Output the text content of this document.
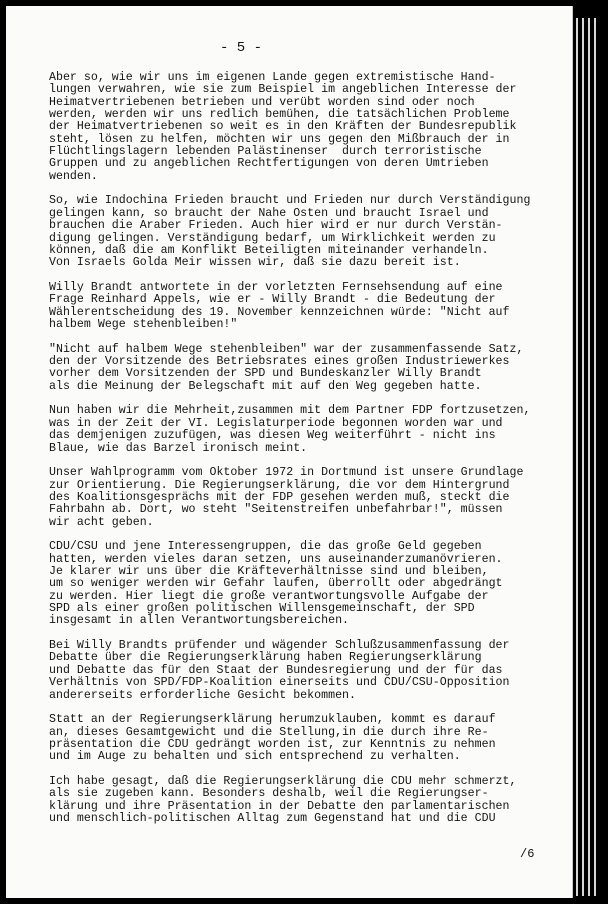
- 5 -
Aber so, wie wir uns im eigenen Lande gegen extremistische Hand-
lungen verwahren, wie sie zum Beispiel im angeblichen Interesse der
Heimatvertriebenen betrieben und verübt worden sind oder noch
werden, werden wir uns redlich bemühen, die tatsächlichen Probleme
der Heimatvertriebenen so weit es in den Kräften der Bundesrepublik
steht, lösen zu helfen, möchten wir uns gegen den Mißbrauch der in
Flüchtlingslagern lebenden Palästinenser  durch terroristische
Gruppen und zu angeblichen Rechtfertigungen von deren Umtrieben
wenden.
So, wie Indochina Frieden braucht und Frieden nur durch Verständigung
gelingen kann, so braucht der Nahe Osten und braucht Israel und
brauchen die Araber Frieden. Auch hier wird er nur durch Verstän-
digung gelingen. Verständigung bedarf, um Wirklichkeit werden zu
können, daß die am Konflikt Beteiligten miteinander verhandeln.
Von Israels Golda Meir wissen wir, daß sie dazu bereit ist.
Willy Brandt antwortete in der vorletzten Fernsehsendung auf eine
Frage Reinhard Appels, wie er - Willy Brandt - die Bedeutung der
Wählerentscheidung des 19. November kennzeichnen würde: "Nicht auf
halbem Wege stehenbleiben!"
"Nicht auf halbem Wege stehenbleiben" war der zusammenfassende Satz,
den der Vorsitzende des Betriebsrates eines großen Industriewerkes
vorher dem Vorsitzenden der SPD und Bundeskanzler Willy Brandt
als die Meinung der Belegschaft mit auf den Weg gegeben hatte.
Nun haben wir die Mehrheit,zusammen mit dem Partner FDP fortzusetzen,
was in der Zeit der VI. Legislaturperiode begonnen worden war und
das demjenigen zuzufügen, was diesen Weg weiterführt - nicht ins
Blaue, wie das Barzel ironisch meint.
Unser Wahlprogramm vom Oktober 1972 in Dortmund ist unsere Grundlage
zur Orientierung. Die Regierungserklärung, die vor dem Hintergrund
des Koalitionsgesprächs mit der FDP gesehen werden muß, steckt die
Fahrbahn ab. Dort, wo steht "Seitenstreifen unbefahrbar!", müssen
wir acht geben.
CDU/CSU und jene Interessengruppen, die das große Geld gegeben
hatten, werden vieles daran setzen, uns auseinanderzumanövrieren.
Je klarer wir uns über die Kräfteverhältnisse sind und bleiben,
um so weniger werden wir Gefahr laufen, überrollt oder abgedrängt
zu werden. Hier liegt die große verantwortungsvolle Aufgabe der
SPD als einer großen politischen Willensgemeinschaft, der SPD
insgesamt in allen Verantwortungsbereichen.
Bei Willy Brandts prüfender und wägender Schlußzusammenfassung der
Debatte über die Regierungserklärung haben Regierungserklärung
und Debatte das für den Staat der Bundesregierung und der für das
Verhältnis von SPD/FDP-Koalition einerseits und CDU/CSU-Opposition
andererseits erforderliche Gesicht bekommen.
Statt an der Regierungserklärung herumzuklauben, kommt es darauf
an, dieses Gesamtgewicht und die Stellung,in die durch ihre Re-
präsentation die CDU gedrängt worden ist, zur Kenntnis zu nehmen
und im Auge zu behalten und sich entsprechend zu verhalten.
Ich habe gesagt, daß die Regierungserklärung die CDU mehr schmerzt,
als sie zugeben kann. Besonders deshalb, weil die Regierungser-
klärung und ihre Präsentation in der Debatte den parlamentarischen
und menschlich-politischen Alltag zum Gegenstand hat und die CDU
/6
